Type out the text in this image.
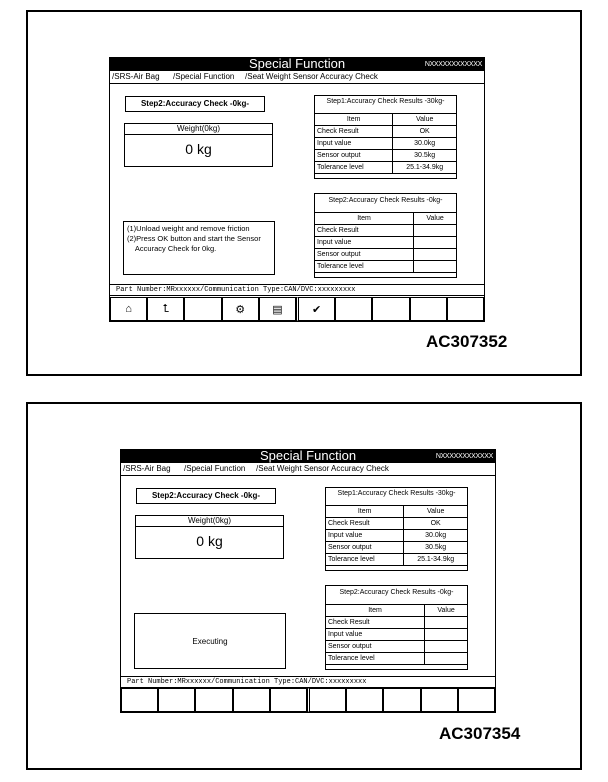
Special Function	NXXXXXXXXXXXX
/ SRS-Air Bag / Special Function / Seat Weight Sensor Accuracy Check
Step2:Accuracy Check -0kg-
Weight(0kg)
0 kg
(1)Unload weight and remove friction
(2)Press OK button and start the Sensor
Accuracy Check for 0kg.
Step1:Accuracy Check Results -30kg-
Item	Value
Check Result	OK
Input value	30.0kg
Sensor output	30.5kg
Tolerance level	25.1-34.9kg
Step2:Accuracy Check Results -0kg-
Item	Value
Check Result	
Input value	
Sensor output	
Tolerance level	
Part Number:MRxxxxxx/Communication Type:CAN/DVC:xxxxxxxxx
⌂	⮤	⚙ ▤	✔
AC307352
Special Function	NXXXXXXXXXXXX
/ SRS-Air Bag / Special Function / Seat Weight Sensor Accuracy Check
Step2:Accuracy Check -0kg-
Weight(0kg)
0 kg
Executing
Step1:Accuracy Check Results -30kg-
Item	Value
Check Result	OK
Input value	30.0kg
Sensor output	30.5kg
Tolerance level	25.1-34.9kg
Step2:Accuracy Check Results -0kg-
Item	Value
Check Result	
Input value	
Sensor output	
Tolerance level	
Part Number:MRxxxxxx/Communication Type:CAN/DVC:xxxxxxxxx
AC307354
